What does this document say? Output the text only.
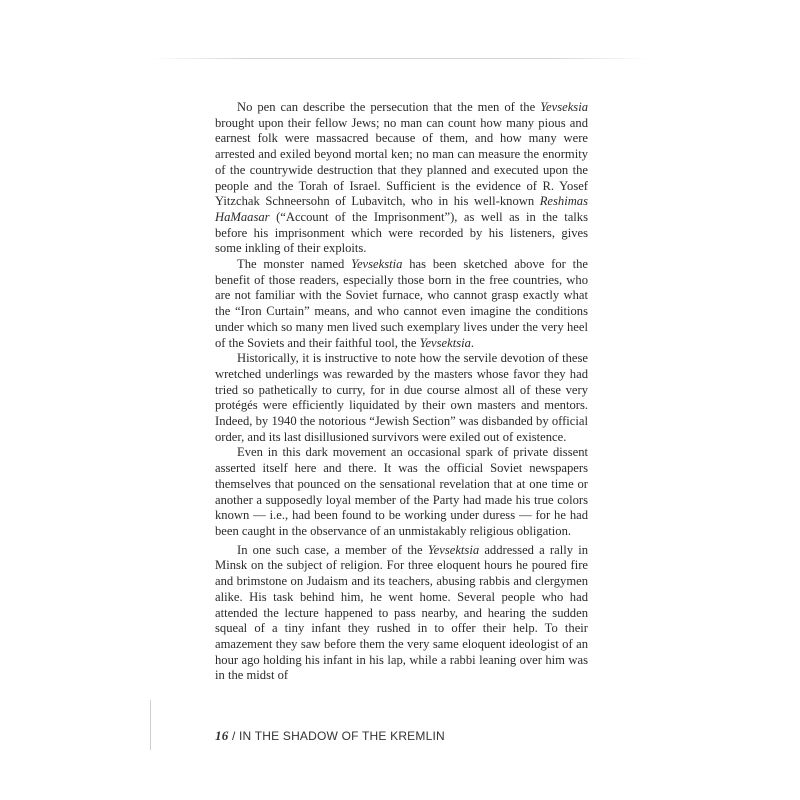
No pen can describe the persecution that the men of the Yevseksia brought upon their fellow Jews; no man can count how many pious and earnest folk were massacred because of them, and how many were arrested and exiled beyond mortal ken; no man can measure the enormity of the countrywide destruction that they planned and executed upon the people and the Torah of Israel. Sufficient is the evidence of R. Yosef Yitzchak Schneersohn of Lubavitch, who in his well-known Reshimas HaMaasar (“Account of the Imprisonment”), as well as in the talks before his imprisonment which were recorded by his listeners, gives some inkling of their exploits.

The monster named Yevsekstia has been sketched above for the benefit of those readers, especially those born in the free countries, who are not familiar with the Soviet furnace, who cannot grasp exactly what the “Iron Curtain” means, and who cannot even imagine the conditions under which so many men lived such exemplary lives under the very heel of the Soviets and their faithful tool, the Yevsektsia.

Historically, it is instructive to note how the servile devotion of these wretched underlings was rewarded by the masters whose favor they had tried so pathetically to curry, for in due course almost all of these very protégés were efficiently liquidated by their own masters and mentors. Indeed, by 1940 the notorious “Jewish Section” was disbanded by official order, and its last disillusioned survivors were exiled out of existence.

Even in this dark movement an occasional spark of private dissent asserted itself here and there. It was the official Soviet newspapers themselves that pounced on the sensational revelation that at one time or another a supposedly loyal member of the Party had made his true colors known — i.e., had been found to be working under duress — for he had been caught in the observance of an unmistakably religious obligation.

In one such case, a member of the Yevsektsia addressed a rally in Minsk on the subject of religion. For three eloquent hours he poured fire and brimstone on Judaism and its teachers, abusing rabbis and clergymen alike. His task behind him, he went home. Several people who had attended the lecture happened to pass nearby, and hearing the sudden squeal of a tiny infant they rushed in to offer their help. To their amazement they saw before them the very same eloquent ideologist of an hour ago holding his infant in his lap, while a rabbi leaning over him was in the midst of

16 / IN THE SHADOW OF THE KREMLIN
